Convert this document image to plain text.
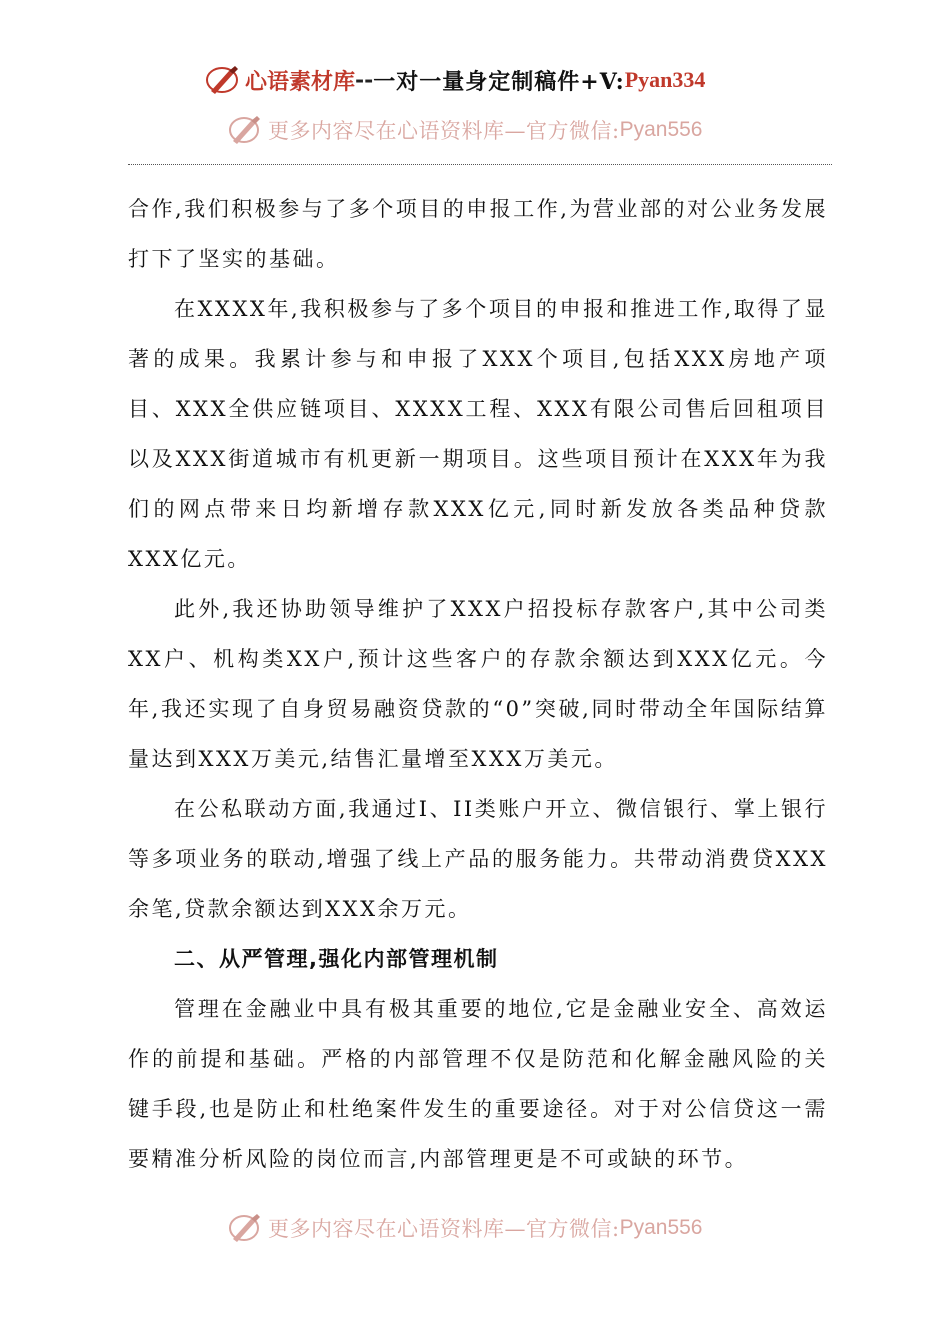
心语素材库 -- 一对一量身定制稿件+V: Pyan334
更多内容尽在心语资料库—官方微信: Pyan556

合作,我们积极参与了多个项目的申报工作,为营业部的对公业务发展打下了坚实的基础。

在XXXX年,我积极参与了多个项目的申报和推进工作,取得了显著的成果。我累计参与和申报了XXX个项目,包括XXX房地产项目、XXX全供应链项目、XXXX工程、XXX有限公司售后回租项目以及XXX街道城市有机更新一期项目。这些项目预计在XXX年为我们的网点带来日均新增存款XXX亿元,同时新发放各类品种贷款XXX亿元。

此外,我还协助领导维护了XXX户招投标存款客户,其中公司类XX户、机构类XX户,预计这些客户的存款余额达到XXX亿元。今年,我还实现了自身贸易融资贷款的“0”突破,同时带动全年国际结算量达到XXX万美元,结售汇量增至XXX万美元。

在公私联动方面,我通过I、II类账户开立、微信银行、掌上银行等多项业务的联动,增强了线上产品的服务能力。共带动消费贷XXX余笔,贷款余额达到XXX余万元。

二、从严管理,强化内部管理机制

管理在金融业中具有极其重要的地位,它是金融业安全、高效运作的前提和基础。严格的内部管理不仅是防范和化解金融风险的关键手段,也是防止和杜绝案件发生的重要途径。对于对公信贷这一需要精准分析风险的岗位而言,内部管理更是不可或缺的环节。

更多内容尽在心语资料库—官方微信: Pyan556
